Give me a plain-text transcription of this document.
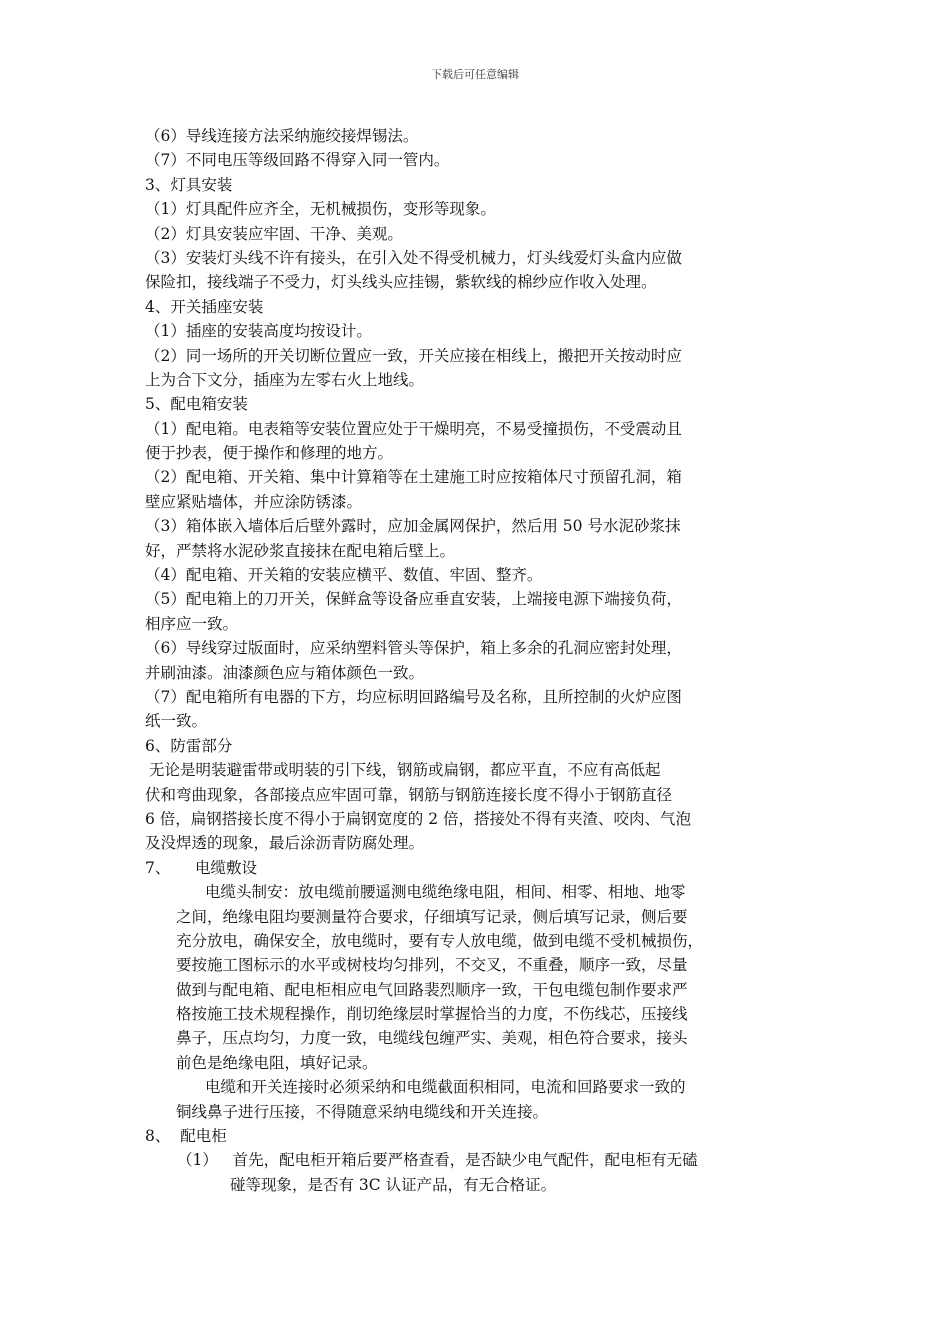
下载后可任意编辑
（6）导线连接方法采纳施绞接焊锡法。
（7）不同电压等级回路不得穿入同一管内。
3、灯具安装
（1）灯具配件应齐全，无机械损伤，变形等现象。
（2）灯具安装应牢固、干净、美观。
（3）安装灯头线不许有接头，在引入处不得受机械力，灯头线爱灯头盒内应做
保险扣，接线端子不受力，灯头线头应挂锡，紫软线的棉纱应作收入处理。
4、开关插座安装
（1）插座的安装高度均按设计。
（2）同一场所的开关切断位置应一致，开关应接在相线上，搬把开关按动时应
上为合下文分，插座为左零右火上地线。
5、配电箱安装
（1）配电箱。电表箱等安装位置应处于干燥明亮，不易受撞损伤，不受震动且
便于抄表，便于操作和修理的地方。
（2）配电箱、开关箱、集中计算箱等在土建施工时应按箱体尺寸预留孔洞，箱
壁应紧贴墙体，并应涂防锈漆。
（3）箱体嵌入墙体后后壁外露时，应加金属网保护，然后用 50 号水泥砂浆抹
好，严禁将水泥砂浆直接抹在配电箱后壁上。
（4）配电箱、开关箱的安装应横平、数值、牢固、整齐。
（5）配电箱上的刀开关，保鲜盒等设备应垂直安装，上端接电源下端接负荷，
相序应一致。
（6）导线穿过版面时，应采纳塑料管头等保护，箱上多余的孔洞应密封处理，
并刷油漆。油漆颜色应与箱体颜色一致。
（7）配电箱所有电器的下方，均应标明回路编号及名称，且所控制的火炉应图
纸一致。
6、防雷部分
无论是明装避雷带或明装的引下线，钢筋或扁钢，都应平直，不应有高低起
伏和弯曲现象，各部接点应牢固可靠，钢筋与钢筋连接长度不得小于钢筋直径
6 倍，扁钢搭接长度不得小于扁钢宽度的 2 倍，搭接处不得有夹渣、咬肉、气泡
及没焊透的现象，最后涂沥青防腐处理。
7、     电缆敷设
电缆头制安：放电缆前腰遥测电缆绝缘电阻，相间、相零、相地、地零
之间，绝缘电阻均要测量符合要求，仔细填写记录，侧后填写记录，侧后要
充分放电，确保安全，放电缆时，要有专人放电缆，做到电缆不受机械损伤，
要按施工图标示的水平或树枝均匀排列，不交叉，不重叠，顺序一致，尽量
做到与配电箱、配电柜相应电气回路裴烈顺序一致，干包电缆包制作要求严
格按施工技术规程操作，削切绝缘层时掌握恰当的力度，不伤线芯，压接线
鼻子，压点均匀，力度一致，电缆线包缠严实、美观，相色符合要求，接头
前色是绝缘电阻，填好记录。
电缆和开关连接时必须采纳和电缆截面积相同，电流和回路要求一致的
铜线鼻子进行压接，不得随意采纳电缆线和开关连接。
8、  配电柜
（1）   首先，配电柜开箱后要严格查看，是否缺少电气配件，配电柜有无磕
碰等现象，是否有 3C 认证产品，有无合格证。
